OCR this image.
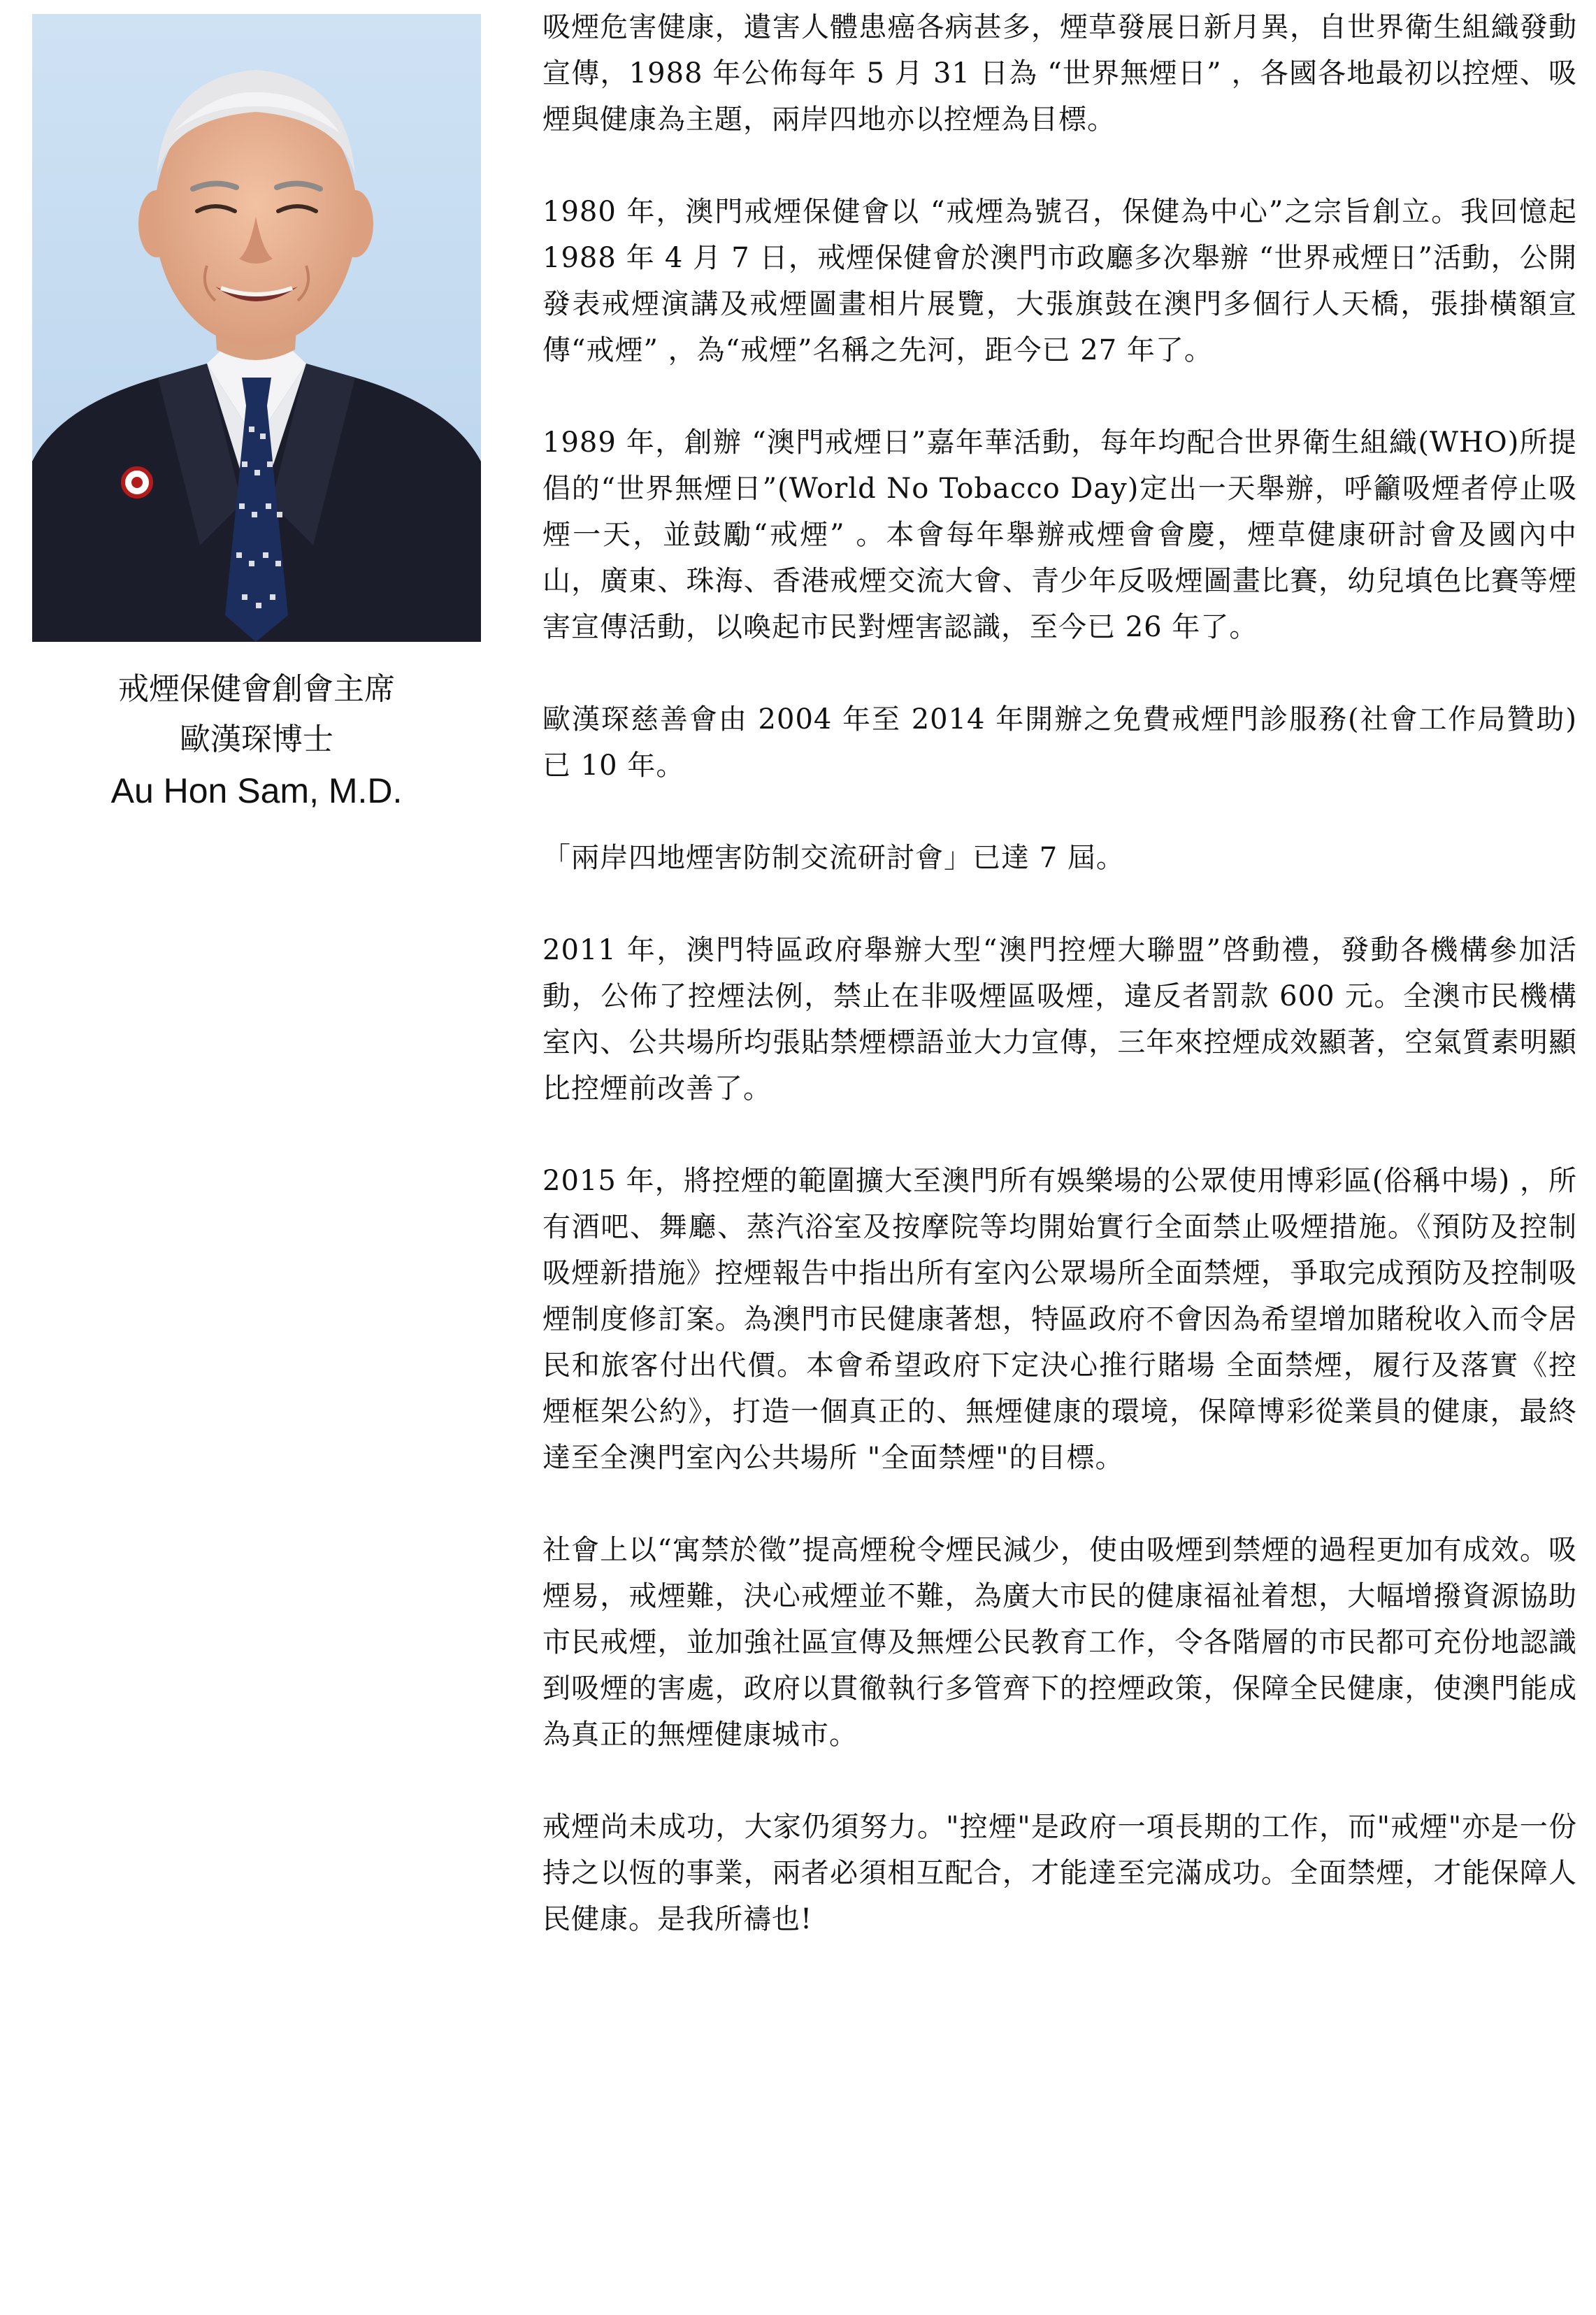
戒煙保健會創會主席
歐漢琛博士
Au Hon Sam, M.D.

吸煙危害健康，遺害人體患癌各病甚多，煙草發展日新月異，自世界衛生組織發動宣傳，1988 年公佈每年 5 月 31 日為 “世界無煙日” ，各國各地最初以控煙、吸煙與健康為主題，兩岸四地亦以控煙為目標。

1980 年，澳門戒煙保健會以 “戒煙為號召，保健為中心”之宗旨創立。我回憶起 1988 年 4 月 7 日，戒煙保健會於澳門市政廳多次舉辦 “世界戒煙日”活動，公開發表戒煙演講及戒煙圖畫相片展覽，大張旗鼓在澳門多個行人天橋，張掛橫額宣傳“戒煙” ，為“戒煙”名稱之先河，距今已 27 年了。

1989 年，創辦 “澳門戒煙日”嘉年華活動，每年均配合世界衛生組織(WHO)所提倡的“世界無煙日”(World No Tobacco Day)定出一天舉辦，呼籲吸煙者停止吸煙一天，並鼓勵“戒煙” 。本會每年舉辦戒煙會會慶，煙草健康研討會及國內中山，廣東、珠海、香港戒煙交流大會、青少年反吸煙圖畫比賽，幼兒填色比賽等煙害宣傳活動，以喚起市民對煙害認識，至今已 26 年了。

歐漢琛慈善會由 2004 年至 2014 年開辦之免費戒煙門診服務(社會工作局贊助)已 10 年。

「兩岸四地煙害防制交流研討會」已達 7 屆。

2011 年，澳門特區政府舉辦大型“澳門控煙大聯盟”啓動禮，發動各機構參加活動，公佈了控煙法例，禁止在非吸煙區吸煙，違反者罰款 600 元。全澳市民機構室內、公共場所均張貼禁煙標語並大力宣傳，三年來控煙成效顯著，空氣質素明顯比控煙前改善了。

2015 年，將控煙的範圍擴大至澳門所有娛樂場的公眾使用博彩區(俗稱中場) ，所有酒吧、舞廳、蒸汽浴室及按摩院等均開始實行全面禁止吸煙措施。《預防及控制吸煙新措施》控煙報告中指出所有室內公眾場所全面禁煙，爭取完成預防及控制吸煙制度修訂案。為澳門市民健康著想，特區政府不會因為希望增加賭稅收入而令居民和旅客付出代價。本會希望政府下定決心推行賭場 全面禁煙，履行及落實《控煙框架公約》，打造一個真正的、無煙健康的環境，保障博彩從業員的健康，最終達至全澳門室內公共場所 "全面禁煙"的目標。

社會上以“寓禁於徵”提高煙稅令煙民減少，使由吸煙到禁煙的過程更加有成效。吸煙易，戒煙難，決心戒煙並不難，為廣大市民的健康福祉着想，大幅增撥資源協助市民戒煙，並加強社區宣傳及無煙公民教育工作，令各階層的市民都可充份地認識到吸煙的害處，政府以貫徹執行多管齊下的控煙政策，保障全民健康，使澳門能成為真正的無煙健康城市。

戒煙尚未成功，大家仍須努力。"控煙"是政府一項長期的工作，而"戒煙"亦是一份持之以恆的事業，兩者必須相互配合，才能達至完滿成功。全面禁煙，才能保障人民健康。是我所禱也!
